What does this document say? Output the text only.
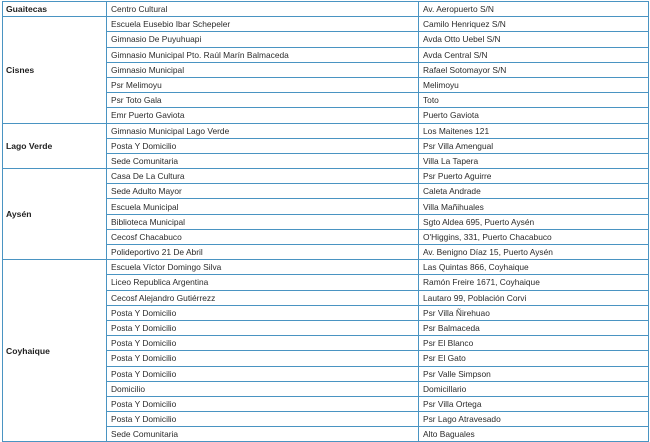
Guaitecas	Centro Cultural	Av. Aeropuerto S/N
Cisnes	Escuela Eusebio Ibar Schepeler	Camilo Henriquez S/N
	Gimnasio De Puyuhuapi	Avda Otto Uebel S/N
	Gimnasio Municipal Pto. Raúl Marín Balmaceda	Avda Central S/N
	Gimnasio Municipal	Rafael Sotomayor S/N
	Psr Melimoyu	Melimoyu
	Psr Toto Gala	Toto
	Emr Puerto Gaviota	Puerto Gaviota
Lago Verde	Gimnasio Municipal Lago Verde	Los Maitenes 121
	Posta Y Domicilio	Psr Villa Amengual
	Sede Comunitaria	Villa La Tapera
Aysén	Casa De La Cultura	Psr Puerto Aguirre
	Sede Adulto Mayor	Caleta Andrade
	Escuela Municipal	Villa Mañihuales
	Biblioteca Municipal	Sgto Aldea 695, Puerto Aysén
	Cecosf Chacabuco	O'Higgins, 331, Puerto Chacabuco
	Polideportivo 21 De Abril	Av. Benigno Díaz 15, Puerto Aysén
Coyhaique	Escuela Víctor Domingo Silva	Las Quintas 866, Coyhaique
	Liceo Republica Argentina	Ramón Freire 1671, Coyhaique
	Cecosf Alejandro Gutiérrezz	Lautaro 99, Población Corvi
	Posta Y Domicilio	Psr Villa Ñirehuao
	Posta Y Domicilio	Psr Balmaceda
	Posta Y Domicilio	Psr El Blanco
	Posta Y Domicilio	Psr El Gato
	Posta Y Domicilio	Psr Valle Simpson
	Domicilio	Domicillario
	Posta Y Domicilio	Psr Villa Ortega
	Posta Y Domicilio	Psr Lago Atravesado
	Sede Comunitaria	Alto Baguales
